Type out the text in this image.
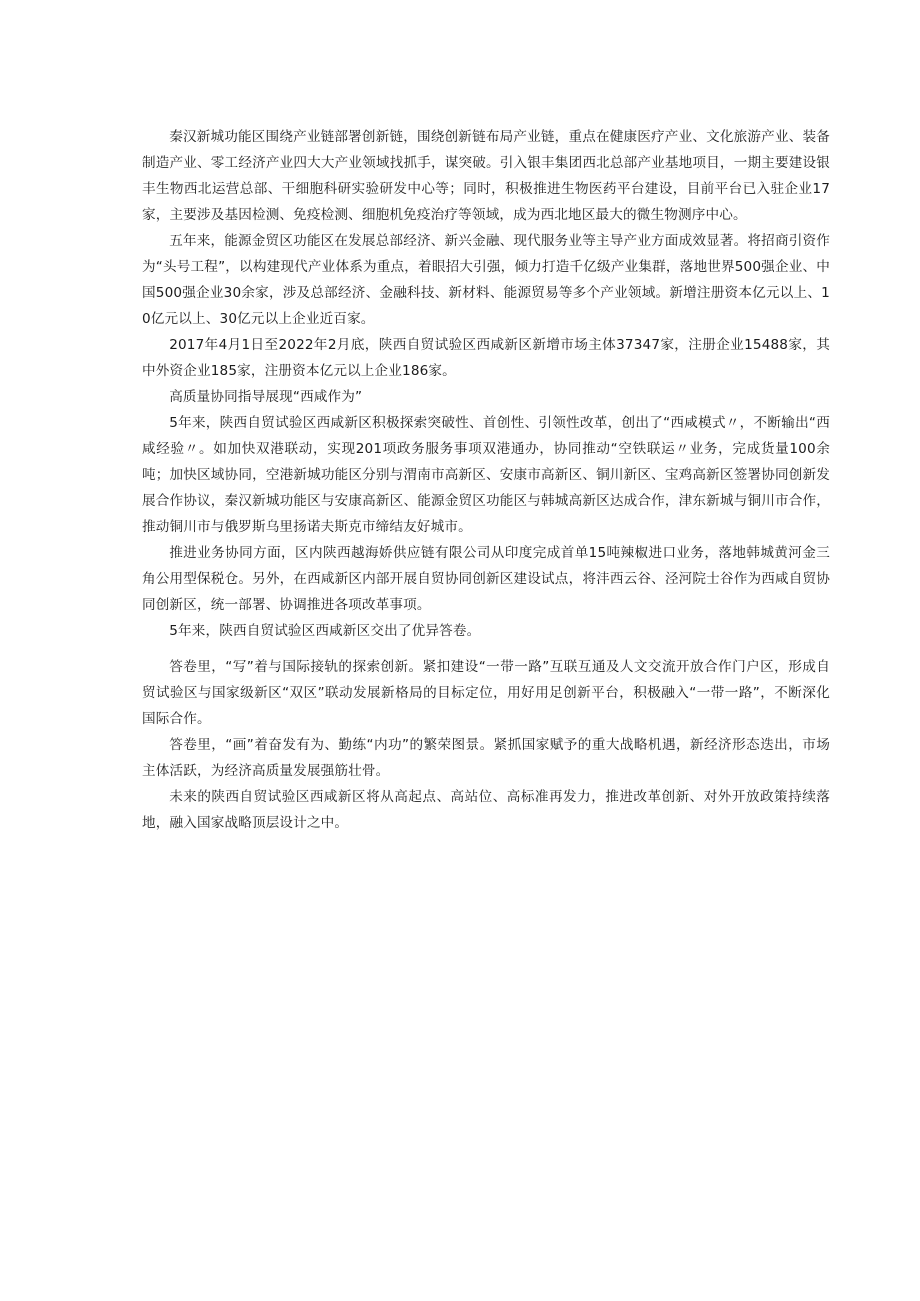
秦汉新城功能区围绕产业链部署创新链，围绕创新链布局产业链，重点在健康医疗产业、文化旅游产业、装备制造产业、零工经济产业四大大产业领域找抓手，谋突破。引入银丰集团西北总部产业基地项目，一期主要建设银丰生物西北运营总部、干细胞科研实验研发中心等；同时，积极推进生物医药平台建设，目前平台已入驻企业17家，主要涉及基因检测、免疫检测、细胞机免疫治疗等领域，成为西北地区最大的微生物测序中心。

五年来，能源金贸区功能区在发展总部经济、新兴金融、现代服务业等主导产业方面成效显著。将招商引资作为“头号工程”，以构建现代产业体系为重点，着眼招大引强，倾力打造千亿级产业集群，落地世界500强企业、中国500强企业30余家，涉及总部经济、金融科技、新材料、能源贸易等多个产业领域。新增注册资本亿元以上、10亿元以上、30亿元以上企业近百家。

2017年4月1日至2022年2月底，陕西自贸试验区西咸新区新增市场主体37347家，注册企业15488家，其中外资企业185家，注册资本亿元以上企业186家。

高质量协同指导展现“西咸作为”

5年来，陕西自贸试验区西咸新区积极探索突破性、首创性、引领性改革，创出了“西咸模式〃，不断输出“西咸经验〃。如加快双港联动，实现201项政务服务事项双港通办，协同推动“空铁联运〃业务，完成货量100余吨；加快区域协同，空港新城功能区分别与渭南市高新区、安康市高新区、铜川新区、宝鸡高新区签署协同创新发展合作协议，秦汉新城功能区与安康高新区、能源金贸区功能区与韩城高新区达成合作，津东新城与铜川市合作，推动铜川市与俄罗斯乌里扬诺夫斯克市缔结友好城市。

推进业务协同方面，区内陕西越海娇供应链有限公司从印度完成首单15吨辣椒进口业务，落地韩城黄河金三角公用型保税仓。另外，在西咸新区内部开展自贸协同创新区建设试点，将沣西云谷、泾河院士谷作为西咸自贸协同创新区，统一部署、协调推进各项改革事项。

5年来，陕西自贸试验区西咸新区交出了优异答卷。

答卷里，“写”着与国际接轨的探索创新。紧扣建设“一带一路”互联互通及人文交流开放合作门户区，形成自贸试验区与国家级新区“双区”联动发展新格局的目标定位，用好用足创新平台，积极融入“一带一路”，不断深化国际合作。

答卷里，“画”着奋发有为、勤练“内功”的繁荣图景。紧抓国家赋予的重大战略机遇，新经济形态迭出，市场主体活跃，为经济高质量发展强筋壮骨。

未来的陕西自贸试验区西咸新区将从高起点、高站位、高标准再发力，推进改革创新、对外开放政策持续落地，融入国家战略顶层设计之中。
